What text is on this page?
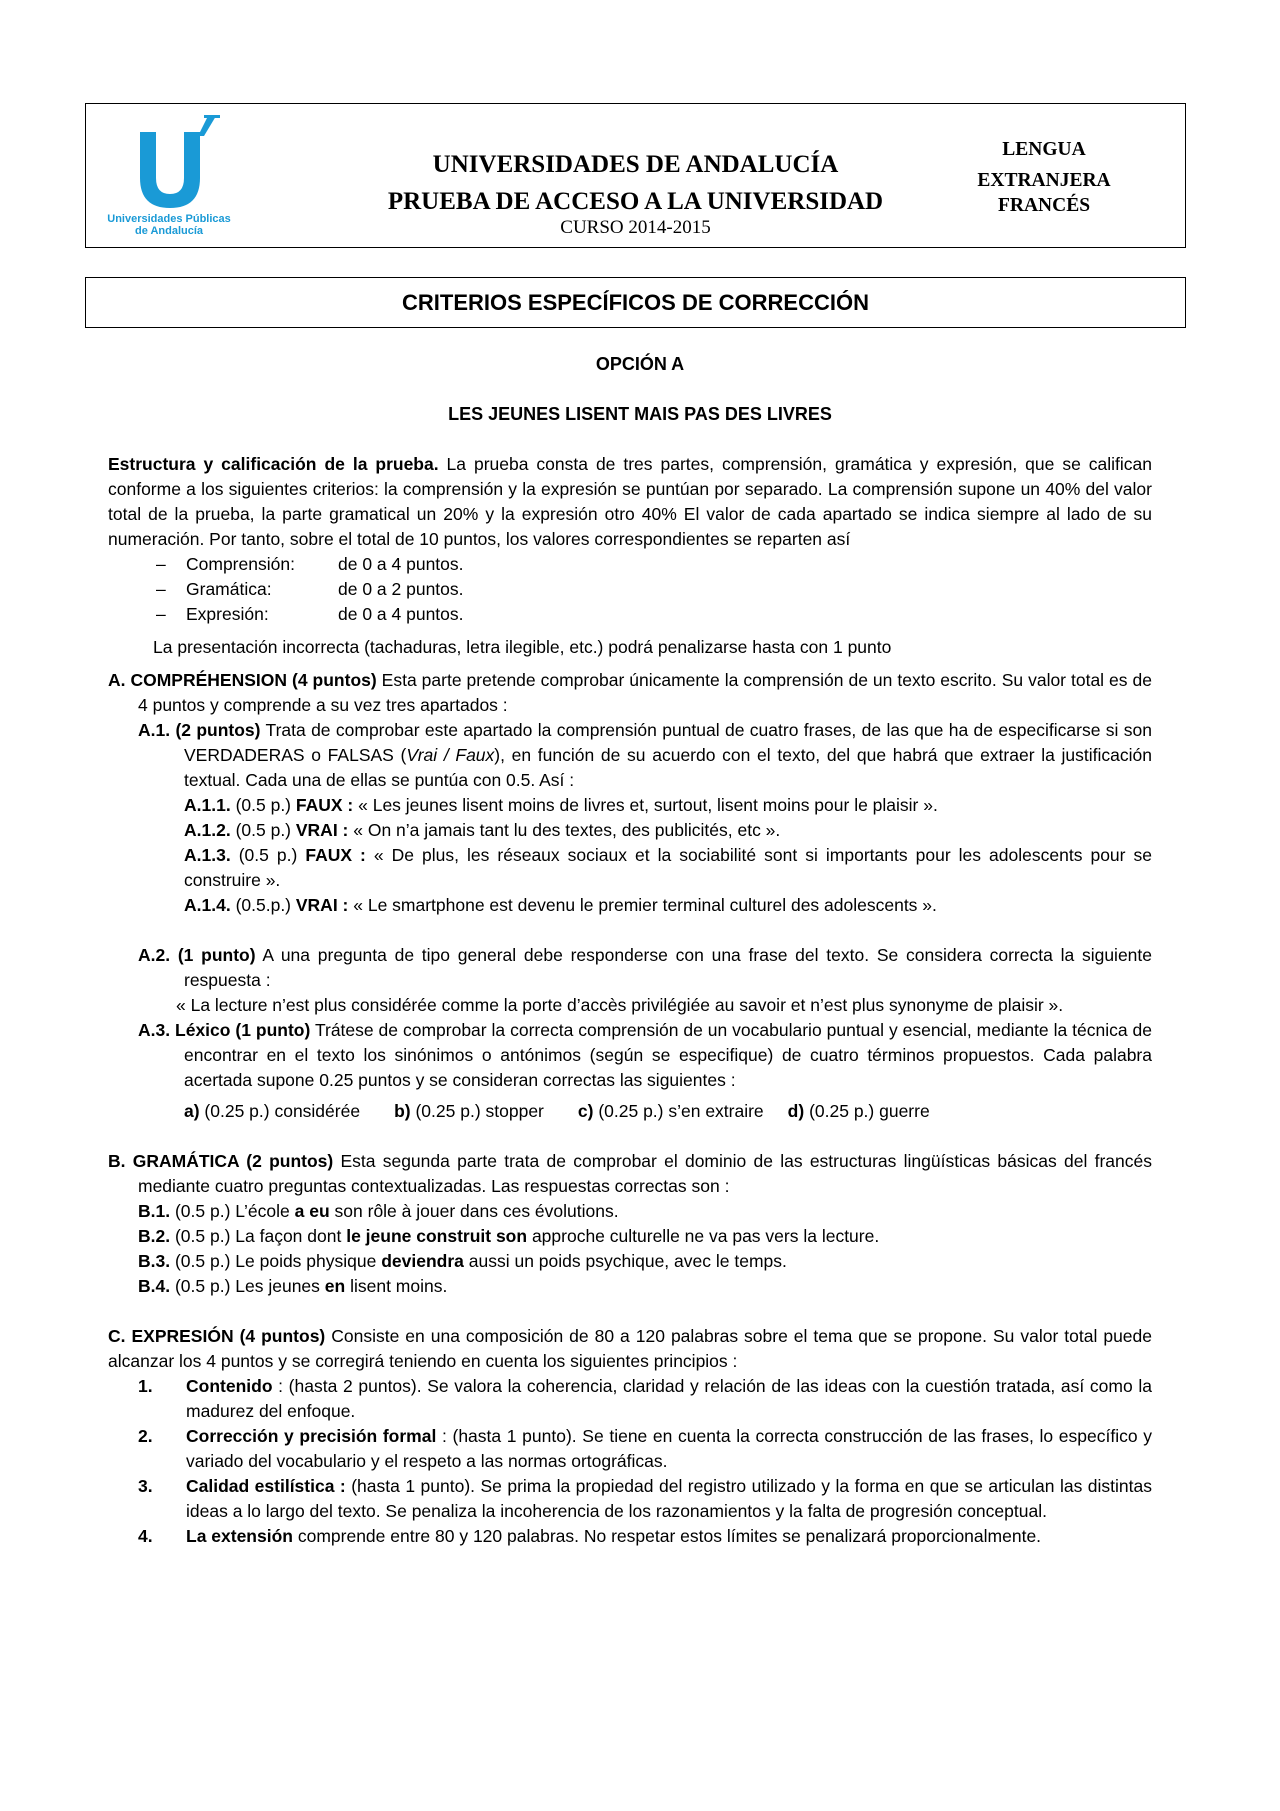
Universidades Públicas
de Andalucía
UNIVERSIDADES DE ANDALUCÍA
PRUEBA DE ACCESO A LA UNIVERSIDAD
CURSO 2014-2015
LENGUA
EXTRANJERA
FRANCÉS
CRITERIOS ESPECÍFICOS DE CORRECCIÓN
OPCIÓN A
LES JEUNES LISENT MAIS PAS DES LIVRES

Estructura y calificación de la prueba. La prueba consta de tres partes, comprensión, gramática y expresión, que se califican conforme a los siguientes criterios: la comprensión y la expresión se puntúan por separado. La comprensión supone un 40% del valor total de la prueba, la parte gramatical un 20% y la expresión otro 40% El valor de cada apartado se indica siempre al lado de su numeración. Por tanto, sobre el total de 10 puntos, los valores correspondientes se reparten así

– Comprensión: de 0 a 4 puntos.
– Gramática:	de 0 a 2 puntos.
– Expresión:	de 0 a 4 puntos.

La presentación incorrecta (tachaduras, letra ilegible, etc.) podrá penalizarse hasta con 1 punto

A. COMPRÉHENSION (4 puntos) Esta parte pretende comprobar únicamente la comprensión de un texto escrito. Su valor total es de 4 puntos y comprende a su vez tres apartados :

A.1. (2 puntos) Trata de comprobar este apartado la comprensión puntual de cuatro frases, de las que ha de especificarse si son VERDADERAS o FALSAS (Vrai / Faux), en función de su acuerdo con el texto, del que habrá que extraer la justificación textual. Cada una de ellas se puntúa con 0.5. Así :

A.1.1. (0.5 p.) FAUX : « Les jeunes lisent moins de livres et, surtout, lisent moins pour le plaisir ».

A.1.2. (0.5 p.) VRAI : « On n’a jamais tant lu des textes, des publicités, etc ».

A.1.3. (0.5 p.) FAUX : « De plus, les réseaux sociaux et la sociabilité sont si importants pour les adolescents pour se construire ».

A.1.4. (0.5.p.) VRAI : « Le smartphone est devenu le premier terminal culturel des adolescents ».

A.2. (1 punto) A una pregunta de tipo general debe responderse con una frase del texto. Se considera correcta la siguiente respuesta :

« La lecture n’est plus considérée comme la porte d’accès privilégiée au savoir et n’est plus synonyme de plaisir ».

A.3. Léxico (1 punto) Trátese de comprobar la correcta comprensión de un vocabulario puntual y esencial, mediante la técnica de encontrar en el texto los sinónimos o antónimos (según se especifique) de cuatro términos propuestos. Cada palabra acertada supone 0.25 puntos y se consideran correctas las siguientes :

a) (0.25 p.) considérée b) (0.25 p.) stopper c) (0.25 p.) s’en extraire d) (0.25 p.) guerre

B. GRAMÁTICA (2 puntos) Esta segunda parte trata de comprobar el dominio de las estructuras lingüísticas básicas del francés mediante cuatro preguntas contextualizadas. Las respuestas correctas son :

B.1. (0.5 p.) L’école a eu son rôle à jouer dans ces évolutions.

B.2. (0.5 p.) La façon dont le jeune construit son approche culturelle ne va pas vers la lecture.

B.3. (0.5 p.) Le poids physique deviendra aussi un poids psychique, avec le temps.

B.4. (0.5 p.) Les jeunes en lisent moins.

C. EXPRESIÓN (4 puntos) Consiste en una composición de 80 a 120 palabras sobre el tema que se propone. Su valor total puede alcanzar los 4 puntos y se corregirá teniendo en cuenta los siguientes principios :

1. Contenido : (hasta 2 puntos). Se valora la coherencia, claridad y relación de las ideas con la cuestión tratada, así como la madurez del enfoque.
2. Corrección y precisión formal : (hasta 1 punto). Se tiene en cuenta la correcta construcción de las frases, lo específico y variado del vocabulario y el respeto a las normas ortográficas.
3. Calidad estilística : (hasta 1 punto). Se prima la propiedad del registro utilizado y la forma en que se articulan las distintas ideas a lo largo del texto. Se penaliza la incoherencia de los razonamientos y la falta de progresión conceptual.
4. La extensión comprende entre 80 y 120 palabras. No respetar estos límites se penalizará proporcionalmente.
